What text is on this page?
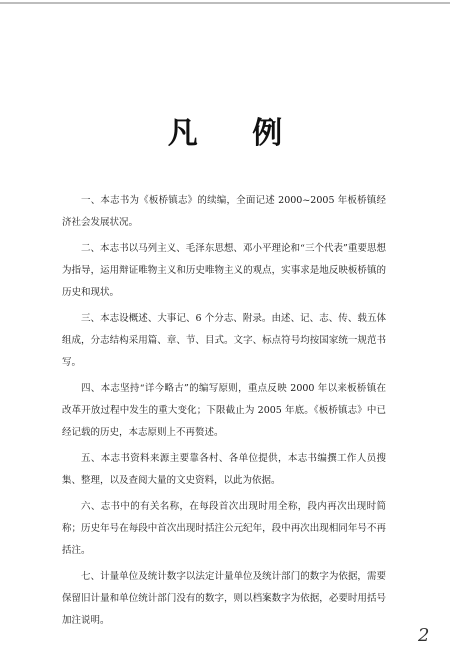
凡 例

一、本志书为《板桥镇志》的续编，全面记述 2000~2005 年板桥镇经济社会发展状况。

二、本志书以马列主义、毛泽东思想、邓小平理论和“三个代表”重要思想为指导，运用辩证唯物主义和历史唯物主义的观点，实事求是地反映板桥镇的历史和现状。

三、本志设概述、大事记、6 个分志、附录。由述、记、志、传、载五体组成，分志结构采用篇、章、节、目式。文字、标点符号均按国家统一规范书写。

四、本志坚持“详今略古”的编写原则，重点反映 2000 年以来板桥镇在改革开放过程中发生的重大变化；下限截止为 2005 年底。《板桥镇志》中已经记载的历史，本志原则上不再赘述。

五、本志书资料来源主要靠各村、各单位提供，本志书编撰工作人员搜集、整理，以及查阅大量的文史资料，以此为依据。

六、志书中的有关名称，在每段首次出现时用全称，段内再次出现时简称；历史年号在每段中首次出现时括注公元纪年，段中再次出现相同年号不再括注。

七、计量单位及统计数字以法定计量单位及统计部门的数字为依据，需要保留旧计量和单位统计部门没有的数字，则以档案数字为依据，必要时用括号加注说明。

2
